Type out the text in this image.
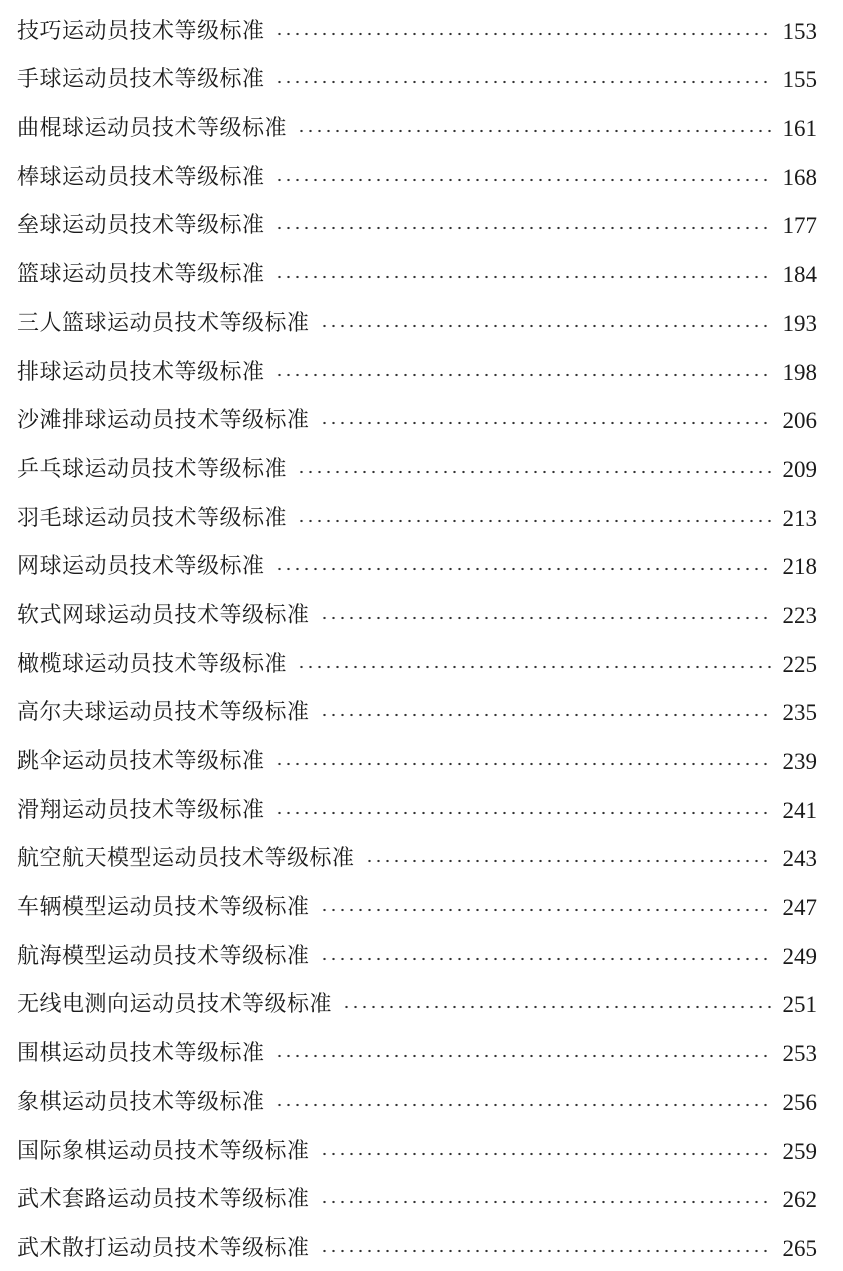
技巧运动员技术等级标准	153
手球运动员技术等级标准	155
曲棍球运动员技术等级标准	161
棒球运动员技术等级标准	168
垒球运动员技术等级标准	177
篮球运动员技术等级标准	184
三人篮球运动员技术等级标准	193
排球运动员技术等级标准	198
沙滩排球运动员技术等级标准	206
乒乓球运动员技术等级标准	209
羽毛球运动员技术等级标准	213
网球运动员技术等级标准	218
软式网球运动员技术等级标准	223
橄榄球运动员技术等级标准	225
高尔夫球运动员技术等级标准	235
跳伞运动员技术等级标准	239
滑翔运动员技术等级标准	241
航空航天模型运动员技术等级标准	243
车辆模型运动员技术等级标准	247
航海模型运动员技术等级标准	249
无线电测向运动员技术等级标准	251
围棋运动员技术等级标准	253
象棋运动员技术等级标准	256
国际象棋运动员技术等级标准	259
武术套路运动员技术等级标准	262
武术散打运动员技术等级标准	265
